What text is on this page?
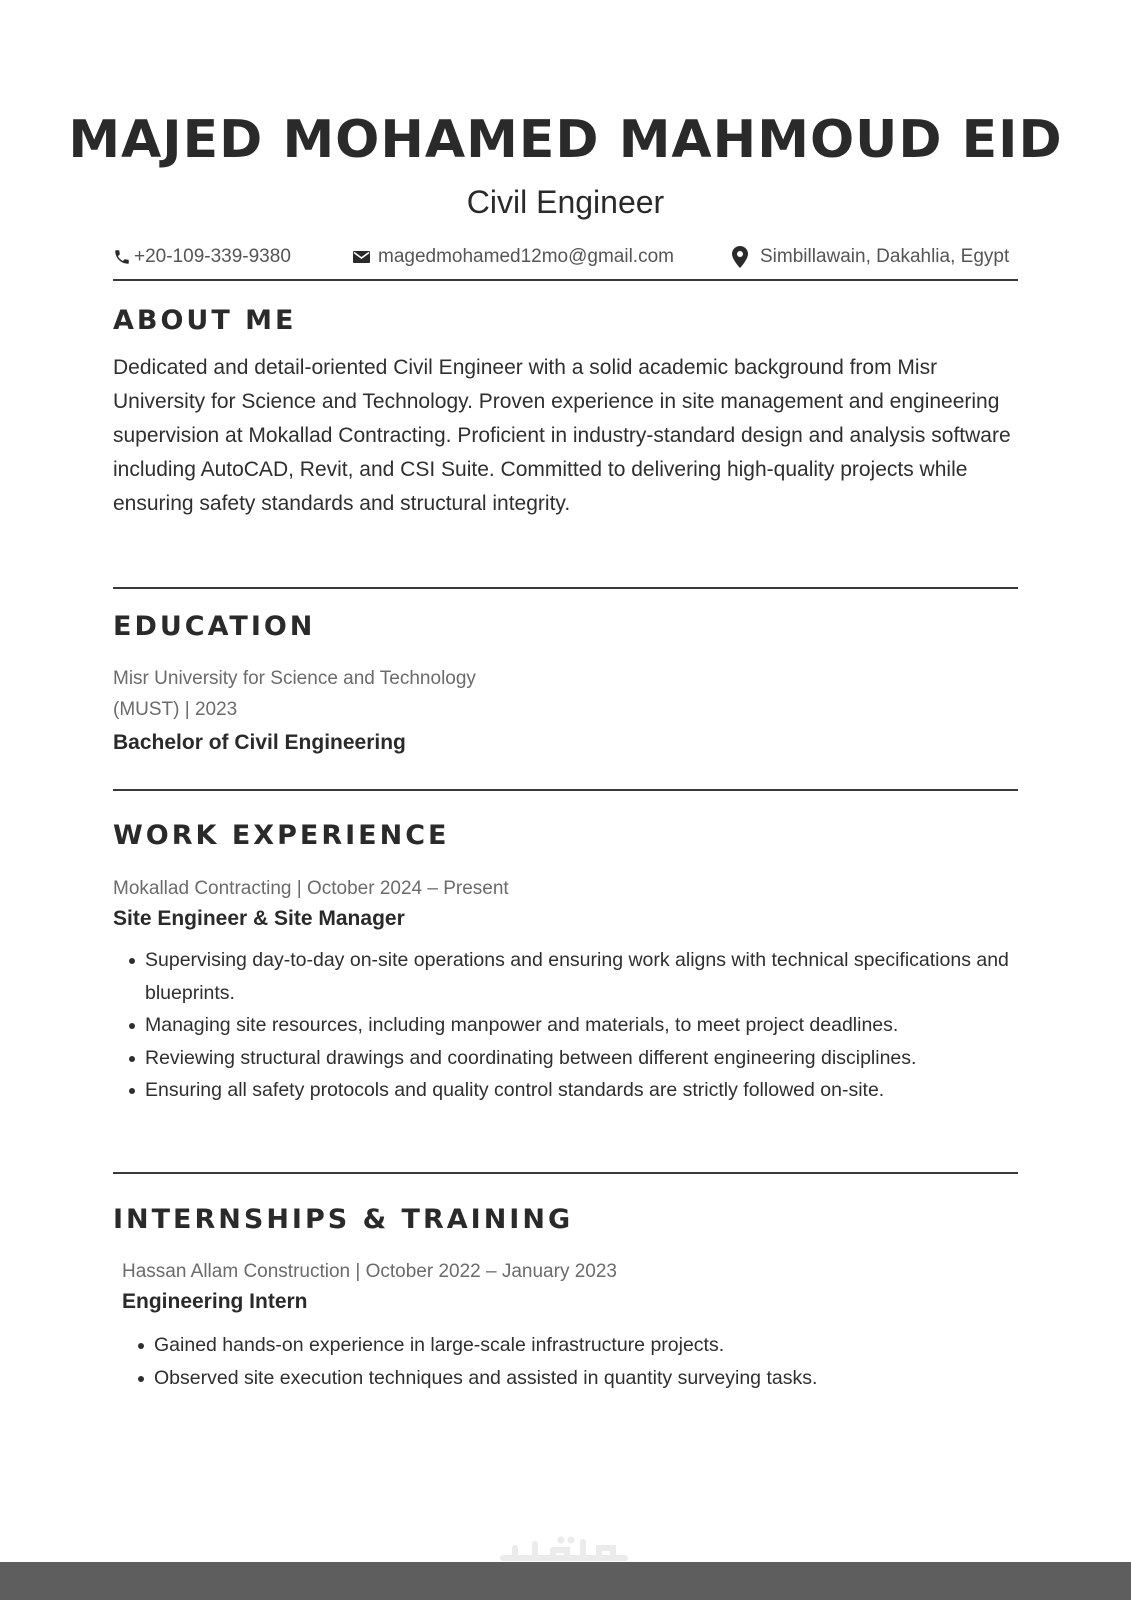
MAJED MOHAMED MAHMOUD EID
Civil Engineer
+20-109-339-9380	magedmohamed12mo@gmail.com	Simbillawain, Dakahlia, Egypt
ABOUT ME
Dedicated and detail-oriented Civil Engineer with a solid academic background from Misr University for Science and Technology. Proven experience in site management and engineering supervision at Mokallad Contracting. Proficient in industry-standard design and analysis software including AutoCAD, Revit, and CSI Suite. Committed to delivering high-quality projects while ensuring safety standards and structural integrity.
EDUCATION
Misr University for Science and Technology
(MUST) | 2023
Bachelor of Civil Engineering
WORK EXPERIENCE
Mokallad Contracting | October 2024 – Present
Site Engineer & Site Manager
Supervising day-to-day on-site operations and ensuring work aligns with technical specifications and blueprints.
Managing site resources, including manpower and materials, to meet project deadlines.
Reviewing structural drawings and coordinating between different engineering disciplines.
Ensuring all safety protocols and quality control standards are strictly followed on-site.
INTERNSHIPS & TRAINING
Hassan Allam Construction | October 2022 – January 2023
Engineering Intern
Gained hands-on experience in large-scale infrastructure projects.
Observed site execution techniques and assisted in quantity surveying tasks.
